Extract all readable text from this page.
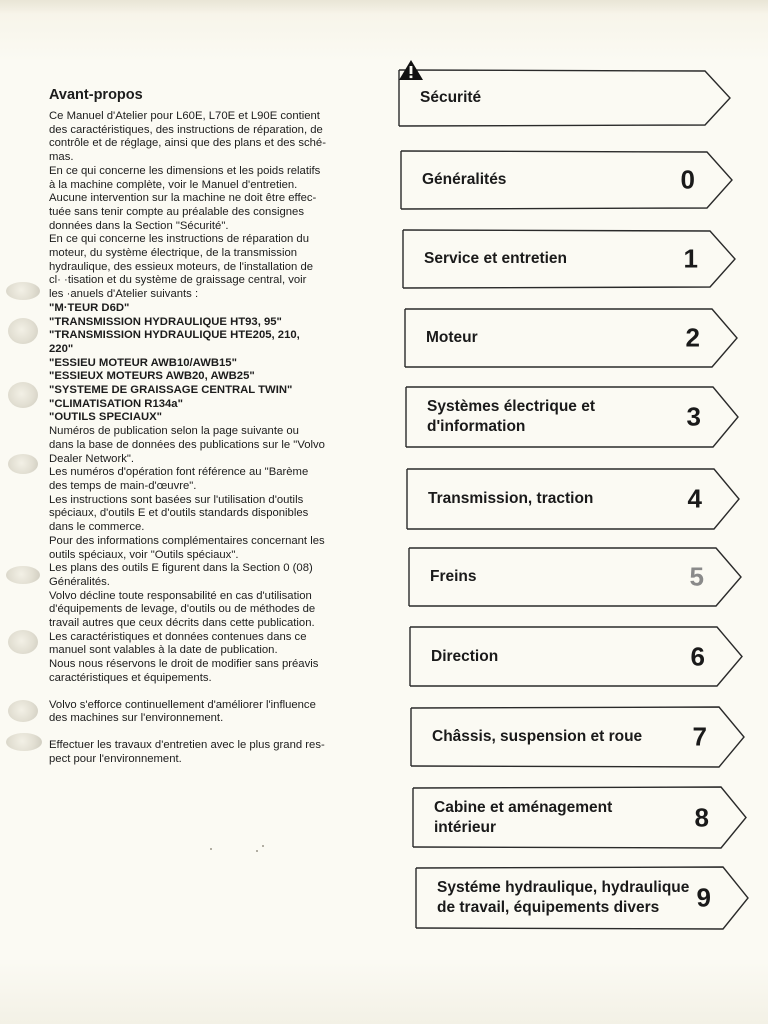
Avant-propos
Ce Manuel d'Atelier pour L60E, L70E et L90E contient
des caractéristiques, des instructions de réparation, de
contrôle et de réglage, ainsi que des plans et des sché-
mas.
En ce qui concerne les dimensions et les poids relatifs
à la machine complète, voir le Manuel d'entretien.
Aucune intervention sur la machine ne doit être effec-
tuée sans tenir compte au préalable des consignes
données dans la Section "Sécurité".
En ce qui concerne les instructions de réparation du
moteur, du système électrique, de la transmission
hydraulique, des essieux moteurs, de l'installation de
cl· ·tisation et du système de graissage central, voir
les ·anuels d'Atelier suivants :
"M·TEUR D6D"
"TRANSMISSION HYDRAULIQUE HT93, 95"
"TRANSMISSION HYDRAULIQUE HTE205, 210,
220"
"ESSIEU MOTEUR AWB10/AWB15"
"ESSIEUX MOTEURS AWB20, AWB25"
"SYSTEME DE GRAISSAGE CENTRAL TWIN"
"CLIMATISATION R134a"
"OUTILS SPECIAUX"
Numéros de publication selon la page suivante ou
dans la base de données des publications sur le "Volvo
Dealer Network".
Les numéros d'opération font référence au "Barème
des temps de main-d'œuvre".
Les instructions sont basées sur l'utilisation d'outils
spéciaux, d'outils E et d'outils standards disponibles
dans le commerce.
Pour des informations complémentaires concernant les
outils spéciaux, voir "Outils spéciaux".
Les plans des outils E figurent dans la Section 0 (08)
Généralités.
Volvo décline toute responsabilité en cas d'utilisation
d'équipements de levage, d'outils ou de méthodes de
travail autres que ceux décrits dans cette publication.
Les caractéristiques et données contenues dans ce
manuel sont valables à la date de publication.
Nous nous réservons le droit de modifier sans préavis
caractéristiques et équipements.
Volvo s'efforce continuellement d'améliorer l'influence
des machines sur l'environnement.
Effectuer les travaux d'entretien avec le plus grand res-
pect pour l'environnement.
Sécurité
Généralités	0
Service et entretien	1
Moteur	2
Systèmes électrique et
d'information	3
Transmission, traction	4
Freins	5
Direction	6
Châssis, suspension et roue 7
Cabine et aménagement
intérieur	8
Systéme hydraulique, hydraulique
de travail, équipements divers	9
